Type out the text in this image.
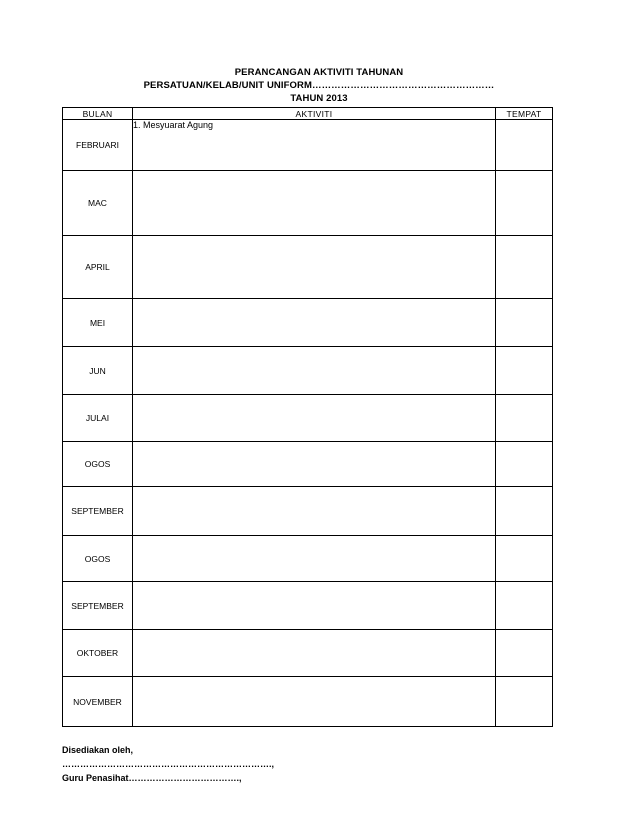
PERANCANGAN AKTIVITI TAHUNAN
PERSATUAN/KELAB/UNIT UNIFORM…………………………………………………
TAHUN 2013
BULAN	AKTIVITI	TEMPAT
FEBRUARI	1. Mesyuarat Agung	
MAC		
APRIL		
MEI		
JUN		
JULAI		
OGOS		
SEPTEMBER		
OGOS		
SEPTEMBER		
OKTOBER		
NOVEMBER		
Disediakan oleh,
…………………………………………………………….,
Guru Penasihat……………………………….,
